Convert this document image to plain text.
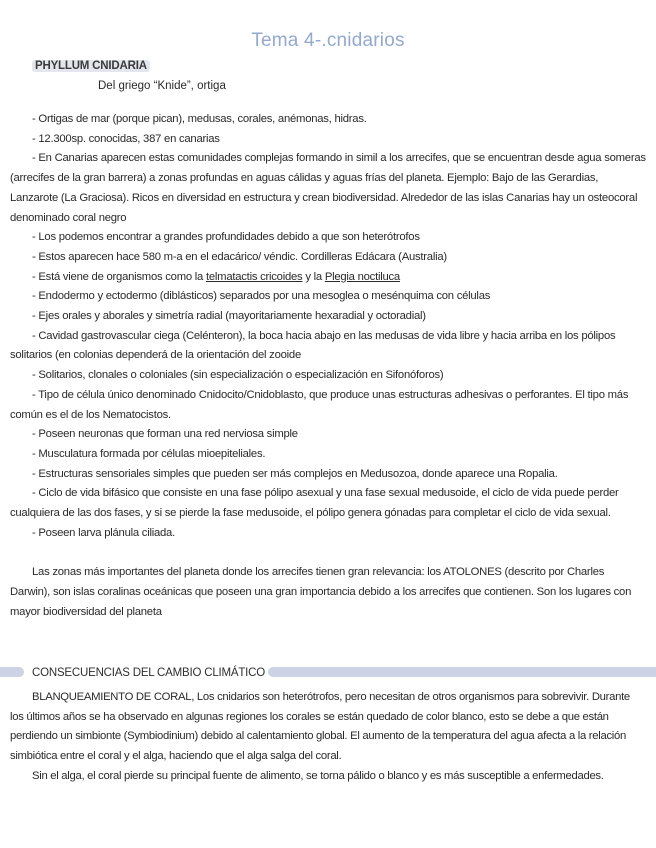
Tema 4-.cnidarios
PHYLLUM CNIDARIA
Del griego “Knide”, ortiga

- Ortigas de mar (porque pican), medusas, corales, anémonas, hidras.

- 12.300sp. conocidas, 387 en canarias

- En Canarias aparecen estas comunidades complejas formando in simil a los arrecifes, que se encuentran desde agua someras (arrecifes de la gran barrera) a zonas profundas en aguas cálidas y aguas frías del planeta. Ejemplo: Bajo de las Gerardias, Lanzarote (La Graciosa). Ricos en diversidad en estructura y crean biodiversidad. Alrededor de las islas Canarias hay un osteocoral denominado coral negro

- Los podemos encontrar a grandes profundidades debido a que son heterótrofos

- Estos aparecen hace 580 m-a en el edacárico/ véndic. Cordilleras Edácara (Australia)

- Está viene de organismos como la telmatactis cricoides y la Plegia noctiluca

- Endodermo y ectodermo (diblásticos) separados por una mesoglea o mesénquima con células

- Ejes orales y aborales y simetría radial (mayoritariamente hexaradial y octoradial)

- Cavidad gastrovascular ciega (Celénteron), la boca hacia abajo en las medusas de vida libre y hacia arriba en los pólipos solitarios (en colonias dependerá de la orientación del zooide

- Solitarios, clonales o coloniales (sin especialización o especialización en Sifonóforos)

- Tipo de célula único denominado Cnidocito/Cnidoblasto, que produce unas estructuras adhesivas o perforantes. El tipo más común es el de los Nematocistos.

- Poseen neuronas que forman una red nerviosa simple

- Musculatura formada por células mioepiteliales.

- Estructuras sensoriales simples que pueden ser más complejos en Medusozoa, donde aparece una Ropalia.

- Ciclo de vida bifásico que consiste en una fase pólipo asexual y una fase sexual medusoide, el ciclo de vida puede perder cualquiera de las dos fases, y si se pierde la fase medusoide, el pólipo genera gónadas para completar el ciclo de vida sexual.

- Poseen larva plánula ciliada.

Las zonas más importantes del planeta donde los arrecifes tienen gran relevancia: los ATOLONES (descrito por Charles Darwin), son islas coralinas oceánicas que poseen una gran importancia debido a los arrecifes que contienen. Son los lugares con mayor biodiversidad del planeta

CONSECUENCIAS DEL CAMBIO CLIMÁTICO

BLANQUEAMIENTO DE CORAL, Los cnidarios son heterótrofos, pero necesitan de otros organismos para sobrevivir. Durante los últimos años se ha observado en algunas regiones los corales se están quedado de color blanco, esto se debe a que están perdiendo un simbionte (Symbiodinium) debido al calentamiento global. El aumento de la temperatura del agua afecta a la relación simbiótica entre el coral y el alga, haciendo que el alga salga del coral.

Sin el alga, el coral pierde su principal fuente de alimento, se torna pálido o blanco y es más susceptible a enfermedades.
